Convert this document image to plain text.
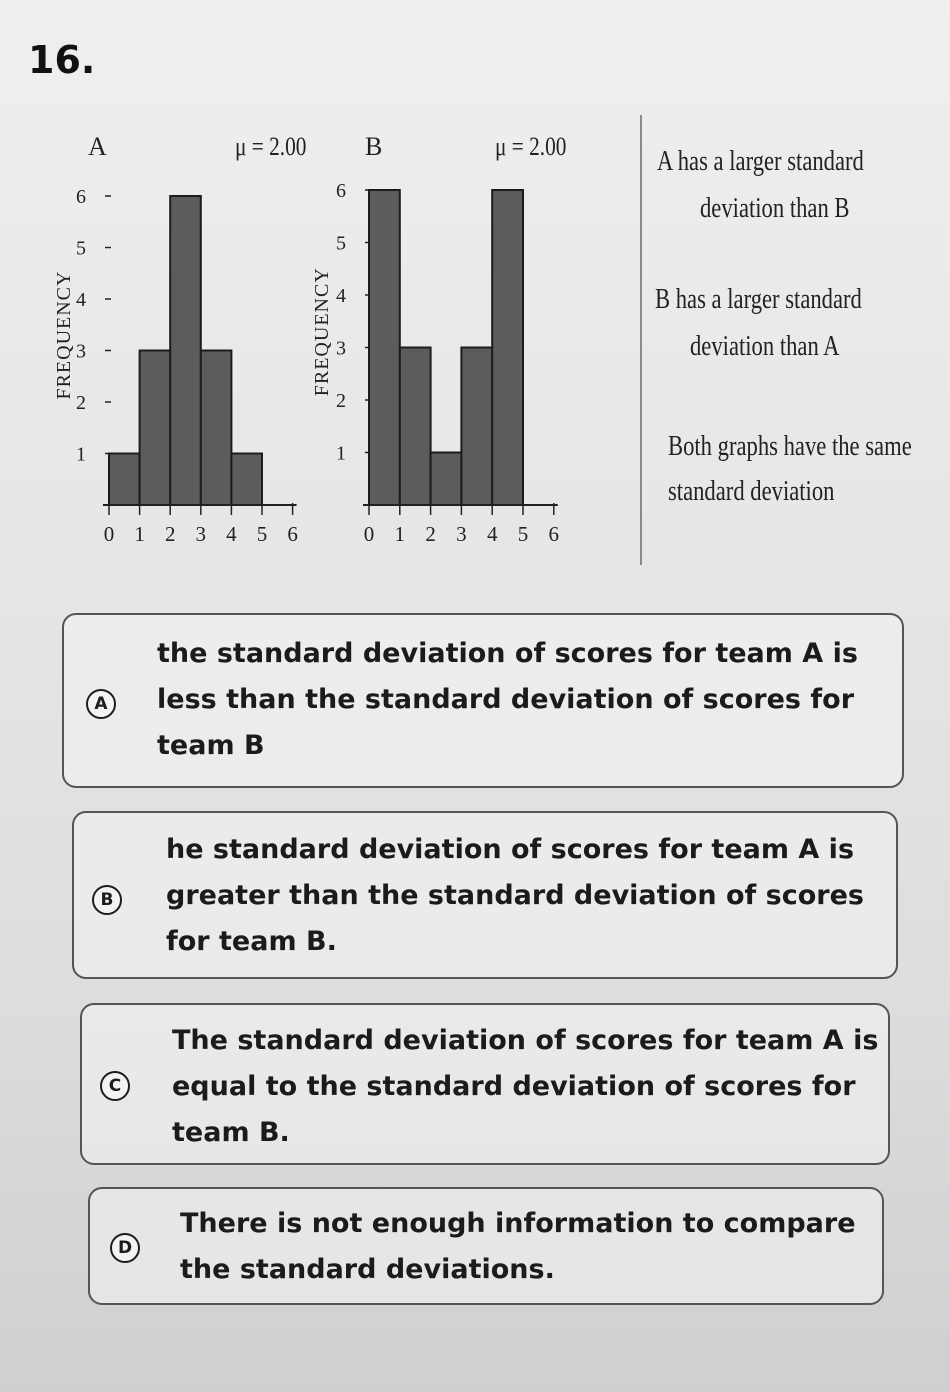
16.
A	μ = 2.00
FREQUENCY
1
2
3
4
5
6
0 1 2 3 4 5 6
B	μ = 2.00
FREQUENCY
1
2
3
4
5
6
0 1 2 3 4 5 6
A has a larger standard
deviation than B
B has a larger standard
deviation than A
Both graphs have the same
standard deviation
A
the standard deviation of scores for team A is
less than the standard deviation of scores for
team B
B
he standard deviation of scores for team A is
greater than the standard deviation of scores
for team B.
C
The standard deviation of scores for team A is
equal to the standard deviation of scores for
team B.
D
There is not enough information to compare
the standard deviations.
